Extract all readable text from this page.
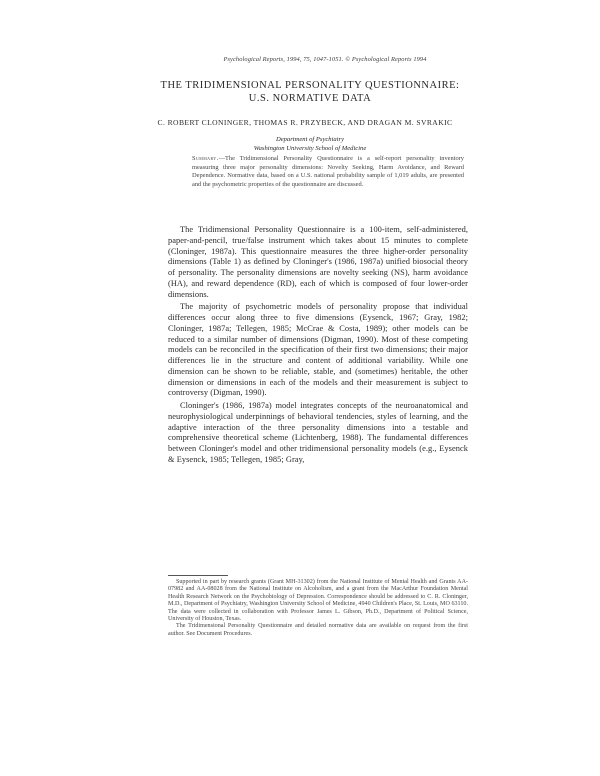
Psychological Reports, 1994, 75, 1047-1051. © Psychological Reports 1994
THE TRIDIMENSIONAL PERSONALITY QUESTIONNAIRE:
U.S. NORMATIVE DATA
C. ROBERT CLONINGER, THOMAS R. PRZYBECK, AND DRAGAN M. SVRAKIC
Department of Psychiatry
Washington University School of Medicine
Summary.—The Tridimensional Personality Questionnaire is a self-report personality inventory measuring three major personality dimensions: Novelty Seeking, Harm Avoidance, and Reward Dependence. Normative data, based on a U.S. national probability sample of 1,019 adults, are presented and the psychometric properties of the questionnaire are discussed.

The Tridimensional Personality Questionnaire is a 100-item, self-administered, paper-and-pencil, true/false instrument which takes about 15 minutes to complete (Cloninger, 1987a). This questionnaire measures the three higher-order personality dimensions (Table 1) as defined by Cloninger's (1986, 1987a) unified biosocial theory of personality. The personality dimensions are novelty seeking (NS), harm avoidance (HA), and reward dependence (RD), each of which is composed of four lower-order dimensions.

The majority of psychometric models of personality propose that individual differences occur along three to five dimensions (Eysenck, 1967; Gray, 1982; Cloninger, 1987a; Tellegen, 1985; McCrae & Costa, 1989); other models can be reduced to a similar number of dimensions (Digman, 1990). Most of these competing models can be reconciled in the specification of their first two dimensions; their major differences lie in the structure and content of additional variability. While one dimension can be shown to be reliable, stable, and (sometimes) heritable, the other dimension or dimensions in each of the models and their measurement is subject to controversy (Digman, 1990).

Cloninger's (1986, 1987a) model integrates concepts of the neuroanatomical and neurophysiological underpinnings of behavioral tendencies, styles of learning, and the adaptive interaction of the three personality dimensions into a testable and comprehensive theoretical scheme (Lichtenberg, 1988). The fundamental differences between Cloninger's model and other tridimensional personality models (e.g., Eysenck & Eysenck, 1985; Tellegen, 1985; Gray,

Supported in part by research grants (Grant MH-31302) from the National Institute of Mental Health and Grants AA-07982 and AA-08028 from the National Institute on Alcoholism, and a grant from the MacArthur Foundation Mental Health Research Network on the Psychobiology of Depression. Correspondence should be addressed to C. R. Cloninger, M.D., Department of Psychiatry, Washington University School of Medicine, 4940 Children's Place, St. Louis, MO 63110. The data were collected in collaboration with Professor James L. Gibson, Ph.D., Department of Political Science, University of Houston, Texas.

The Tridimensional Personality Questionnaire and detailed normative data are available on request from the first author. See Document Procedures.
